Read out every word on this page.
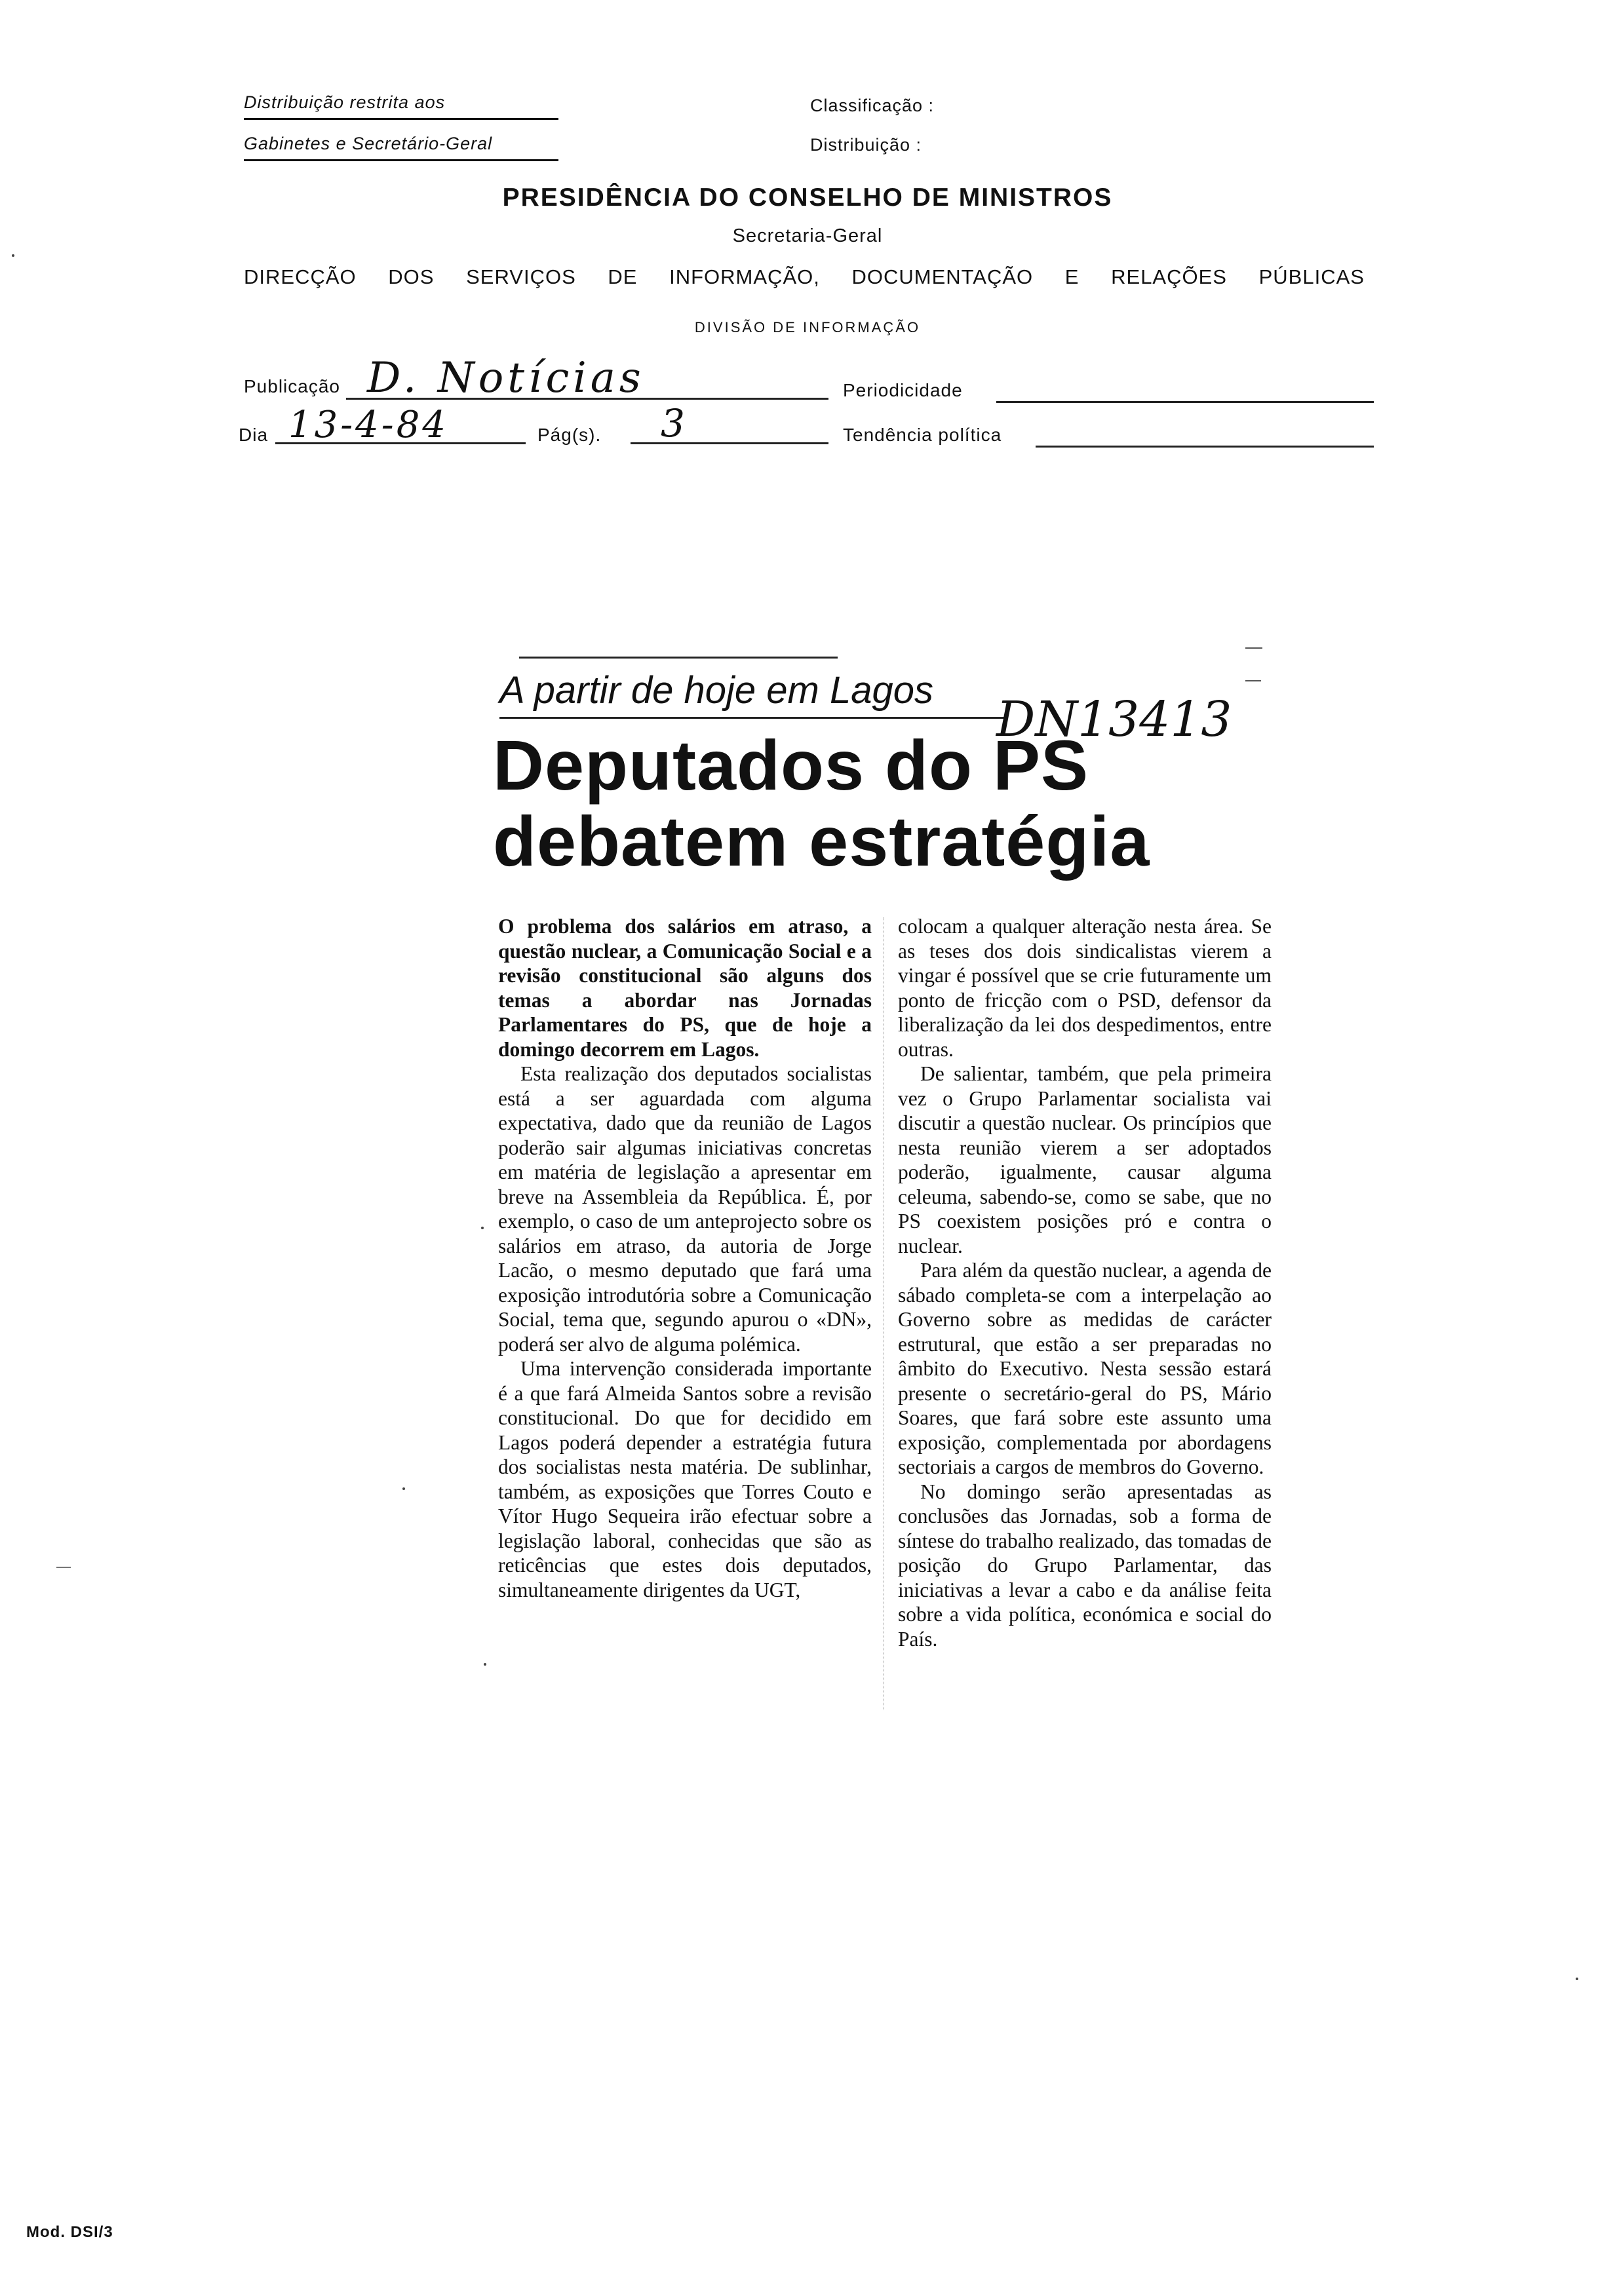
Distribuição restrita aos
Gabinetes e Secretário-Geral
Classificação :
Distribuição :
PRESIDÊNCIA DO CONSELHO DE MINISTROS
Secretaria-Geral
DIRECÇÃO DOS SERVIÇOS DE INFORMAÇÃO, DOCUMENTAÇÃO E RELAÇÕES PÚBLICAS
DIVISÃO DE INFORMAÇÃO
Publicação D. Notícias	Periodicidade
Dia 13-4-84	Pág(s). 3	Tendência política
A partir de hoje em Lagos
DN13413
Deputados do PS
debatem estratégia

O problema dos salários em atraso, a questão nuclear, a Comunicação Social e a revisão constitucional são alguns dos temas a abordar nas Jornadas Parlamentares do PS, que de hoje a domingo decorrem em Lagos.

Esta realização dos deputados socialistas está a ser aguardada com alguma expectativa, dado que da reunião de Lagos poderão sair algumas iniciativas concretas em matéria de legislação a apresentar em breve na Assembleia da República. É, por exemplo, o caso de um anteprojecto sobre os salários em atraso, da autoria de Jorge Lacão, o mesmo deputado que fará uma exposição introdutória sobre a Comunicação Social, tema que, segundo apurou o «DN», poderá ser alvo de alguma polémica.

Uma intervenção considerada importante é a que fará Almeida Santos sobre a revisão constitucional. Do que for decidido em Lagos poderá depender a estratégia futura dos socialistas nesta matéria. De sublinhar, também, as exposições que Torres Couto e Vítor Hugo Sequeira irão efectuar sobre a legislação laboral, conhecidas que são as reticências que estes dois deputados, simultaneamente dirigentes da UGT,

colocam a qualquer alteração nesta área. Se as teses dos dois sindicalistas vierem a vingar é possível que se crie futuramente um ponto de fricção com o PSD, defensor da liberalização da lei dos despedimentos, entre outras.

De salientar, também, que pela primeira vez o Grupo Parlamentar socialista vai discutir a questão nuclear. Os princípios que nesta reunião vierem a ser adoptados poderão, igualmente, causar alguma celeuma, sabendo-se, como se sabe, que no PS coexistem posições pró e contra o nuclear.

Para além da questão nuclear, a agenda de sábado completa-se com a interpelação ao Governo sobre as medidas de carácter estrutural, que estão a ser preparadas no âmbito do Executivo. Nesta sessão estará presente o secretário-geral do PS, Mário Soares, que fará sobre este assunto uma exposição, complementada por abordagens sectoriais a cargos de membros do Governo.

No domingo serão apresentadas as conclusões das Jornadas, sob a forma de síntese do trabalho realizado, das tomadas de posição do Grupo Parlamentar, das iniciativas a levar a cabo e da análise feita sobre a vida política, económica e social do País.

Mod. DSI/3
